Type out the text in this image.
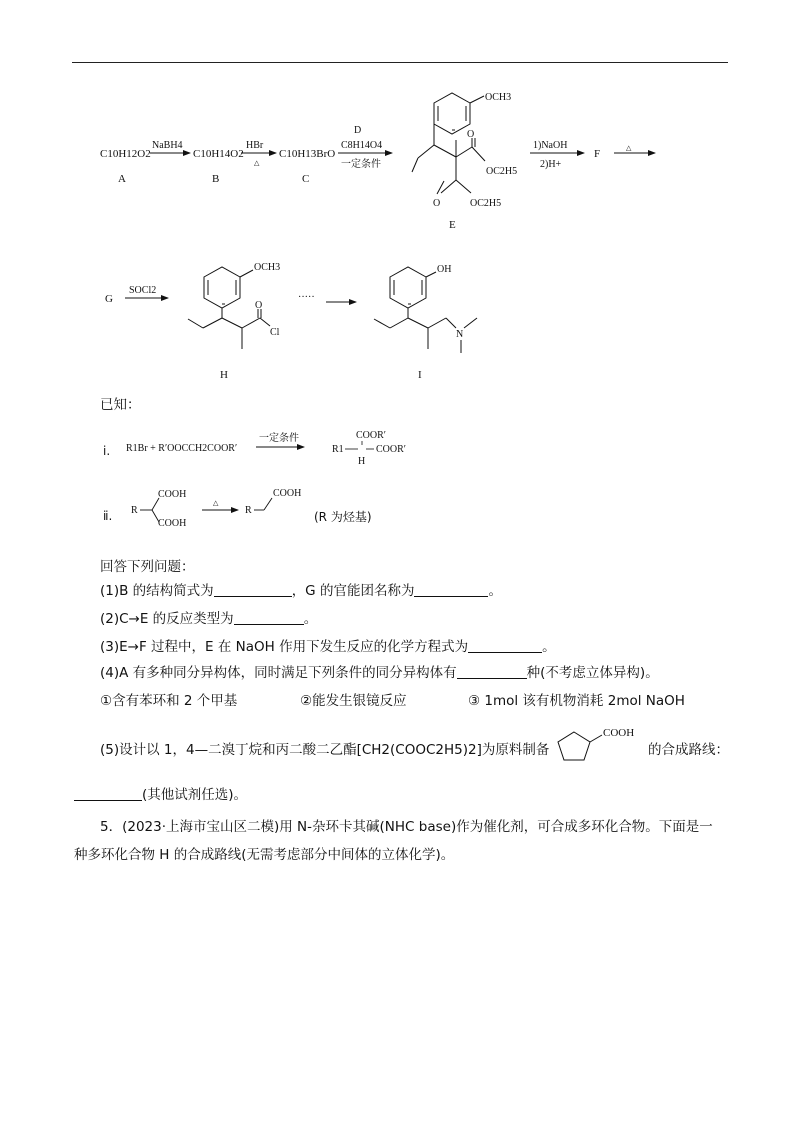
C10H12O2
A
NaBH4
C10H14O2
B
HBr
△
C10H13BrO
C
D
C8H14O4
一定条件
OCH3
O
OC2H5
O	OC2H5
E
1)NaOH
2)H+
F	△
G
SOCl2
OCH3
O
Cl
H
·····
OH
N
I
已知：
ⅰ. R1Br + R′OOCCH2COOR′
一定条件	COOR′
R1	COOR′
H
ⅱ. R
COOH
COOH
△
R
COOH
(R 为烃基)
回答下列问题：
(1)B 的结构简式为	，G 的官能团名称为	。
(2)C→E 的反应类型为	。
(3)E→F 过程中，E 在 NaOH 作用下发生反应的化学方程式为	。
(4)A 有多种同分异构体，同时满足下列条件的同分异构体有	种(不考虑立体异构)。
①含有苯环和 2 个甲基	②能发生银镜反应	③ 1mol 该有机物消耗 2mol NaOH
(5)设计以 1，4—二溴丁烷和丙二酸二乙酯[CH2(COOC2H5)2]为原料制备
COOH
的合成路线：
(其他试剂任选)。
5．(2023·上海市宝山区二模)用 N-杂环卡其碱(NHC base)作为催化剂，可合成多环化合物。下面是一
种多环化合物 H 的合成路线(无需考虑部分中间体的立体化学)。
